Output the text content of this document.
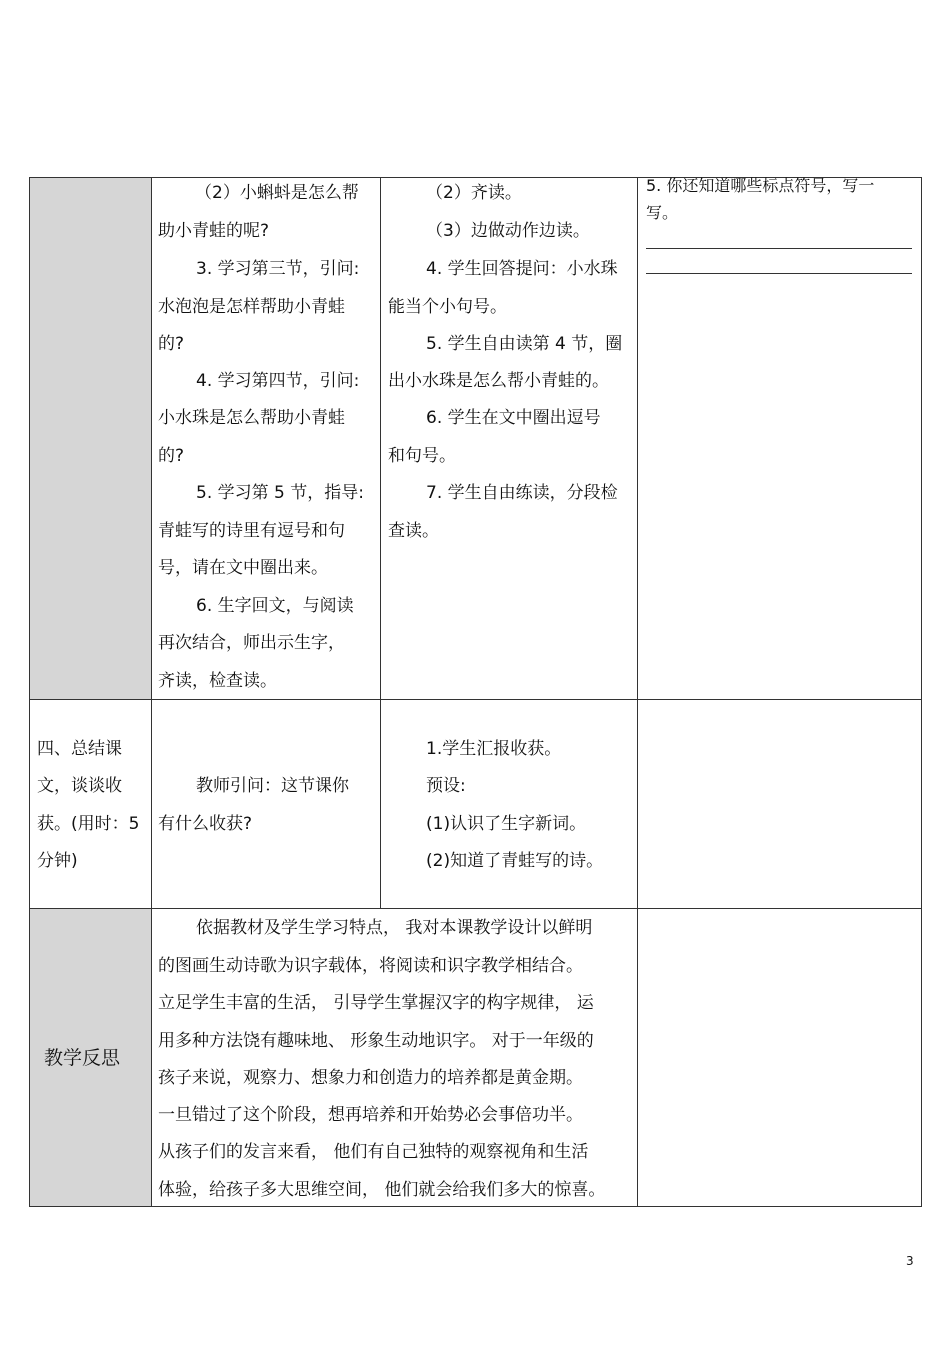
（2）小蝌蚪是怎么帮
助小青蛙的呢?
3. 学习第三节，引问:
水泡泡是怎样帮助小青蛙
的?
4. 学习第四节，引问:
小水珠是怎么帮助小青蛙
的?
5. 学习第 5 节，指导:
青蛙写的诗里有逗号和句
号，请在文中圈出来。
6. 生字回文，与阅读
再次结合，师出示生字，
齐读，检查读。
（2）齐读。
（3）边做动作边读。
4. 学生回答提问：小水珠
能当个小句号。
5. 学生自由读第 4 节，圈
出小水珠是怎么帮小青蛙的。
6. 学生在文中圈出逗号
和句号。
7. 学生自由练读，分段检
查读。
5. 你还知道哪些标点符号，写一
写。
四、总结课
文，谈谈收
获。(用时：5
分钟)
教师引问：这节课你
有什么收获?
1.学生汇报收获。
预设:
(1)认识了生字新词。
(2)知道了青蛙写的诗。
教学反思
依据教材及学生学习特点， 我对本课教学设计以鲜明
的图画生动诗歌为识字载体，将阅读和识字教学相结合。
立足学生丰富的生活， 引导学生掌握汉字的构字规律， 运
用多种方法饶有趣味地、 形象生动地识字。 对于一年级的
孩子来说，观察力、想象力和创造力的培养都是黄金期。
一旦错过了这个阶段，想再培养和开始势必会事倍功半。
从孩子们的发言来看， 他们有自己独特的观察视角和生活
体验，给孩子多大思维空间， 他们就会给我们多大的惊喜。
3
